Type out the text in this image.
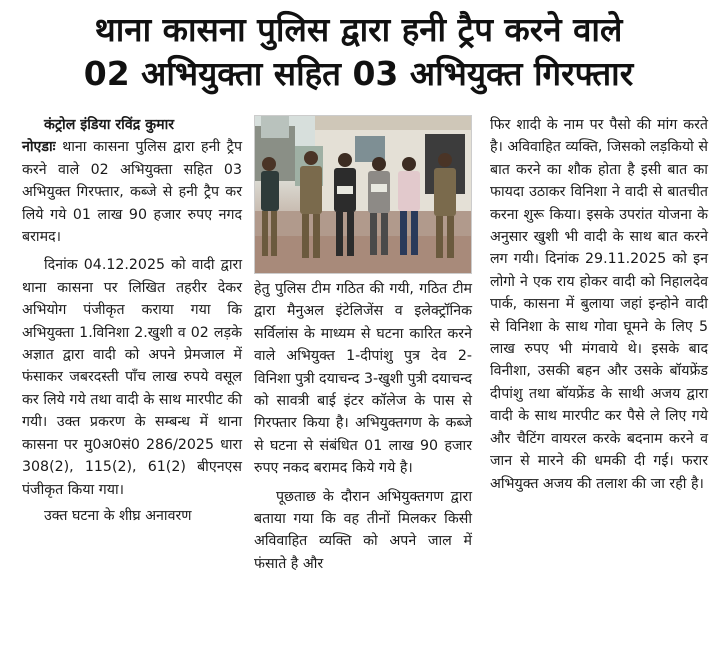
थाना कासना पुलिस द्वारा हनी ट्रैप करने वाले
02 अभियुक्ता सहित 03 अभियुक्त गिरफ्तार

कंट्रोल इंडिया रविंद्र कुमार

नोएडाः थाना कासना पुलिस द्वारा हनी ट्रैप करने वाले 02 अभियुक्ता सहित 03 अभियुक्त गिरफ्तार, कब्जे से हनी ट्रैप कर लिये गये 01 लाख 90 हजार रुपए नगद बरामद।

दिनांक 04.12.2025 को वादी द्वारा थाना कासना पर लिखित तहरीर देकर अभियोग पंजीकृत कराया गया कि अभियुक्ता 1.विनिशा 2.खुशी व 02 लड़के अज्ञात द्वारा वादी को अपने प्रेमजाल में फंसाकर जबरदस्ती पाँच लाख रुपये वसूल कर लिये गये तथा वादी के साथ मारपीट की गयी। उक्त प्रकरण के सम्बन्ध में थाना कासना पर मु0अ0सं0 286/2025 धारा 308(2), 115(2), 61(2) बीएनएस पंजीकृत किया गया।

उक्त घटना के शीघ्र अनावरण

हेतु पुलिस टीम गठित की गयी, गठित टीम द्वारा मैनुअल इंटेलिजेंस व इलेक्ट्रॉनिक सर्विलांस के माध्यम से घटना कारित करने वाले अभियुक्त 1-दीपांशु पुत्र देव 2-विनिशा पुत्री दयाचन्द 3-खुशी पुत्री दयाचन्द को सावत्री बाई इंटर कॉलेज के पास से गिरफ्तार किया है। अभियुक्तगण के कब्जे से घटना से संबंधित 01 लाख 90 हजार रुपए नकद बरामद किये गये है।

पूछताछ के दौरान अभियुक्तगण द्वारा बताया गया कि वह तीनों मिलकर किसी अविवाहित व्यक्ति को अपने जाल में फंसाते है और

फिर शादी के नाम पर पैसो की मांग करते है। अविवाहित व्यक्ति, जिसको लड़कियो से बात करने का शौक होता है इसी बात का फायदा उठाकर विनिशा ने वादी से बातचीत करना शुरू किया। इसके उपरांत योजना के अनुसार खुशी भी वादी के साथ बात करने लग गयी। दिनांक 29.11.2025 को इन लोगो ने एक राय होकर वादी को निहालदेव पार्क, कासना में बुलाया जहां इन्होने वादी से विनिशा के साथ गोवा घूमने के लिए 5 लाख रुपए भी मंगवाये थे। इसके बाद विनीशा, उसकी बहन और उसके बॉयफ्रेंड दीपांशु तथा बॉयफ्रेंड के साथी अजय द्वारा वादी के साथ मारपीट कर पैसे ले लिए गये और चैटिंग वायरल करके बदनाम करने व जान से मारने की धमकी दी गई। फरार अभियुक्त अजय की तलाश की जा रही है।
